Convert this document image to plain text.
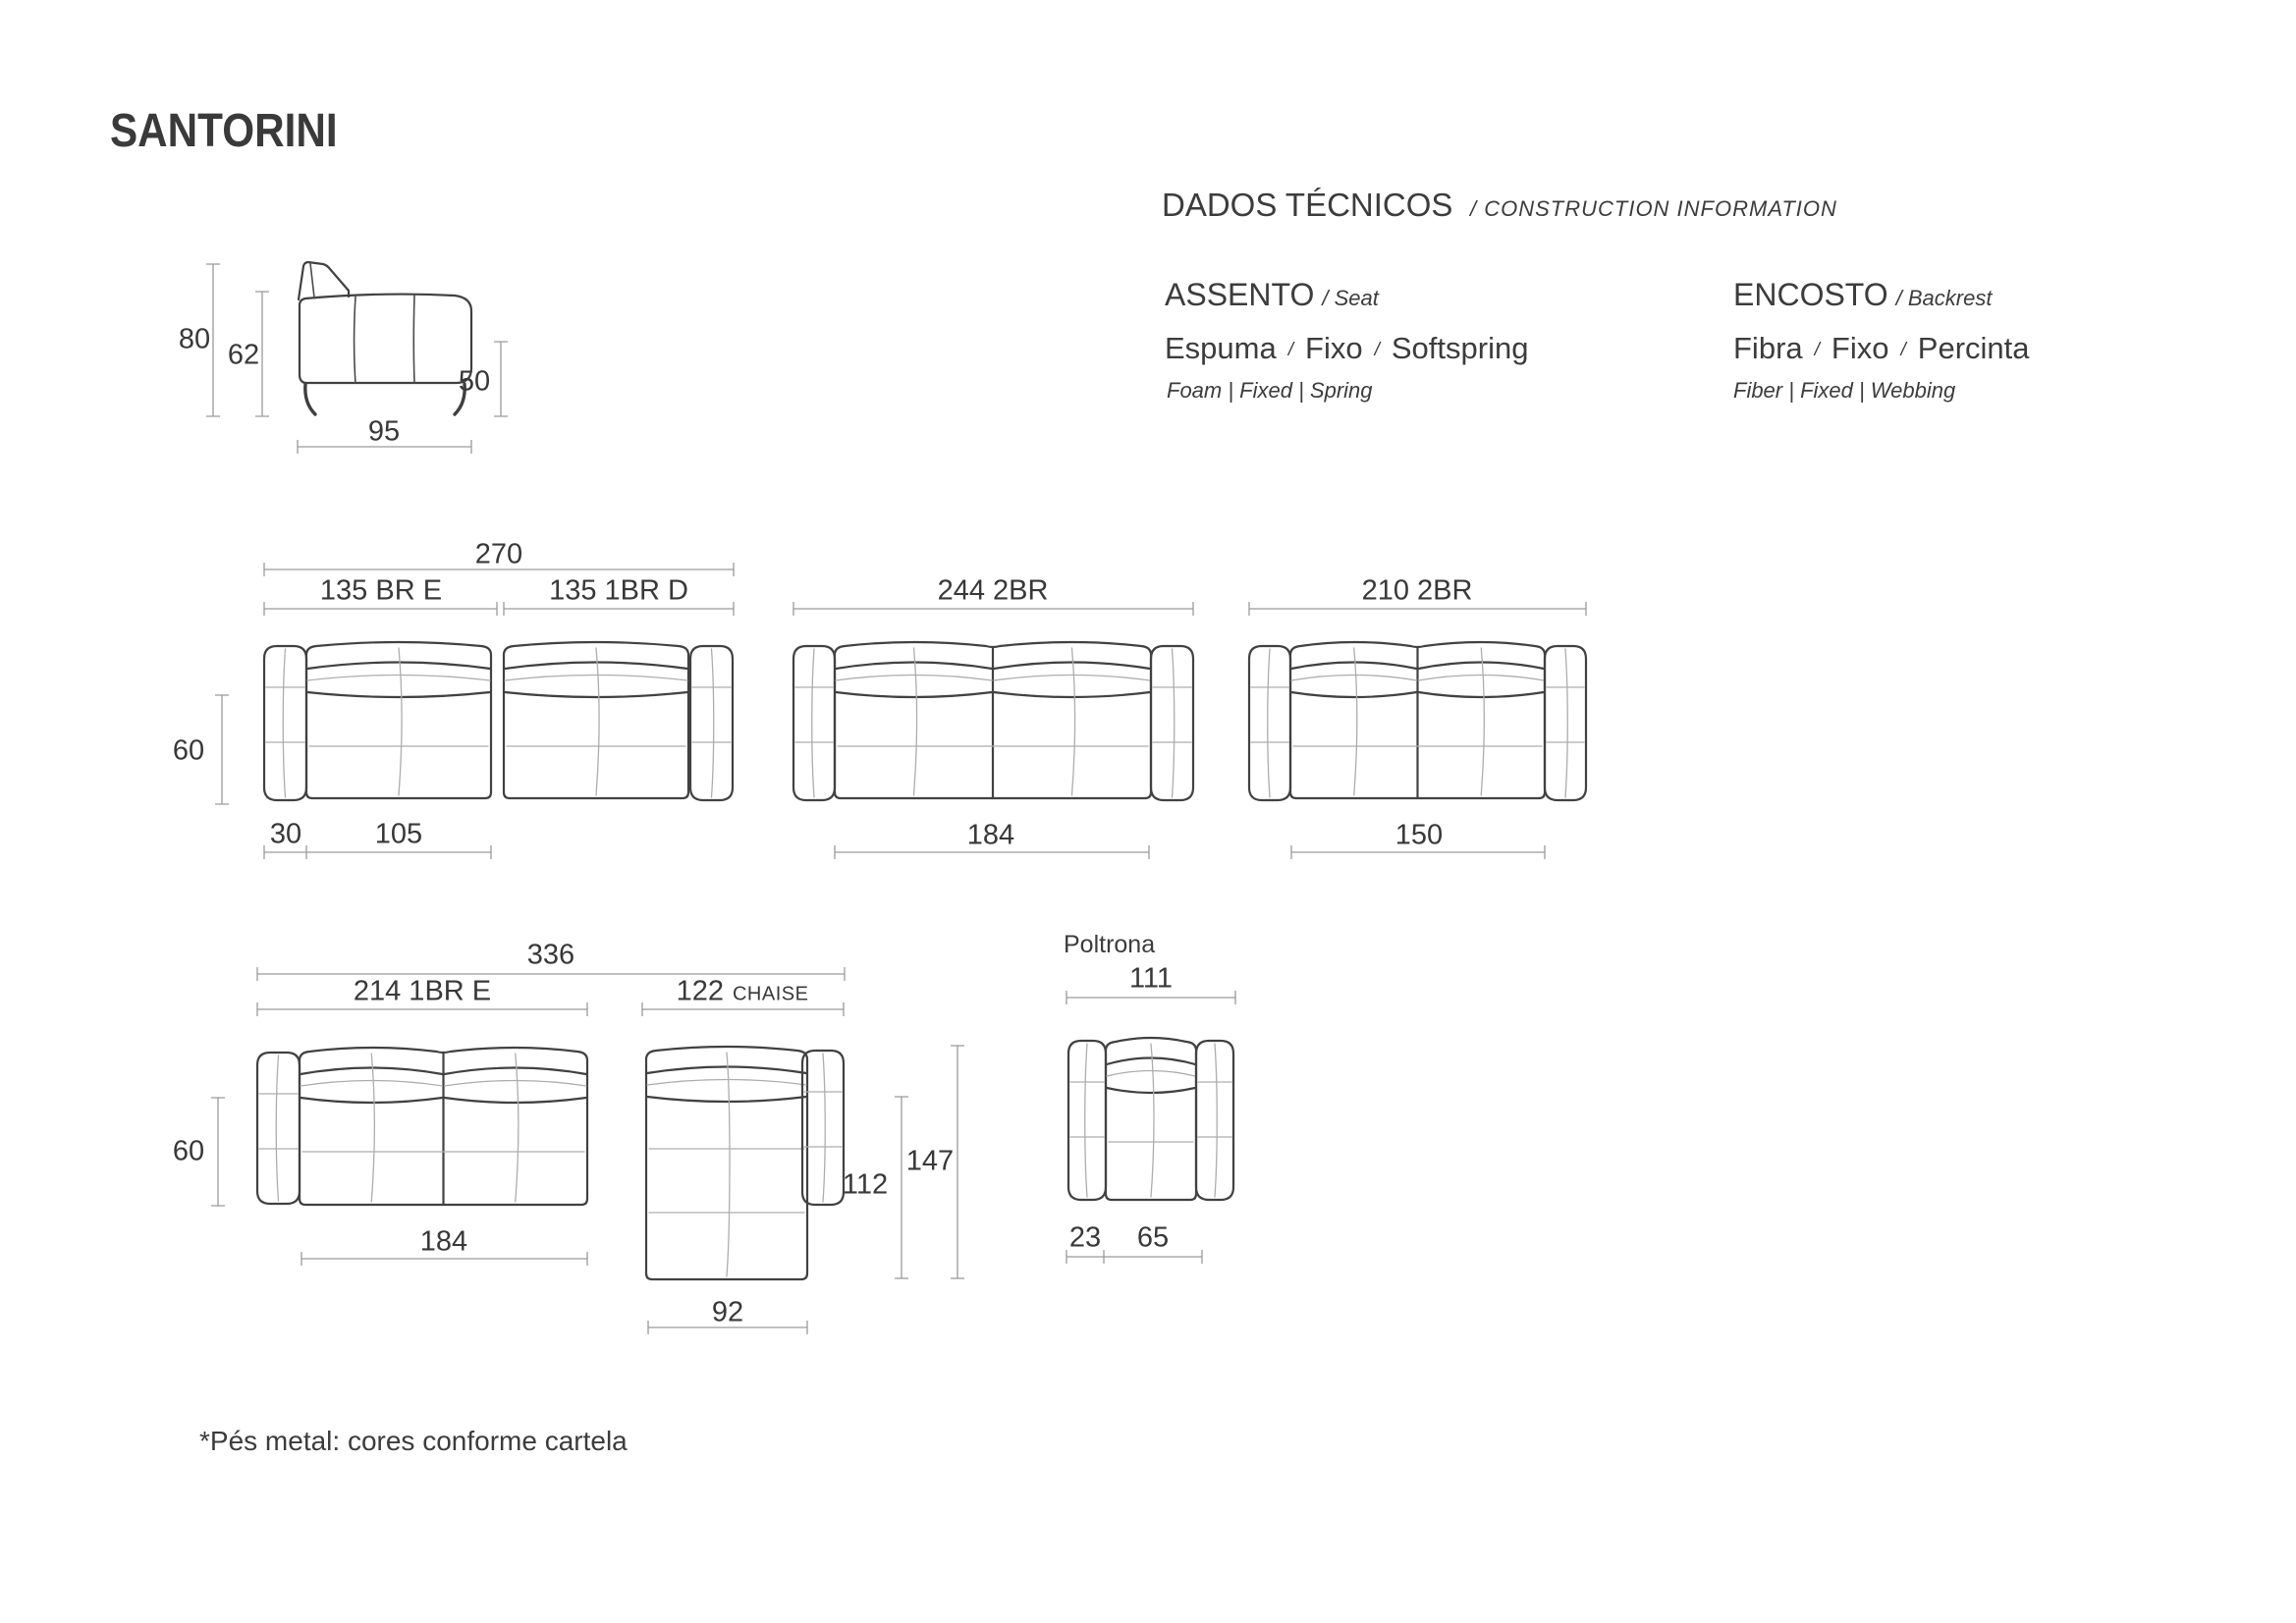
SANTORINI
DADOS TÉCNICOS / CONSTRUCTION INFORMATION
ASSENTO / Seat
Espuma / Fixo / Softspring
Foam | Fixed | Spring
ENCOSTO / Backrest
Fibra / Fixo / Percinta
Fiber | Fixed | Webbing
80 62
50
95
270
135 BR E	135 1BR D
60
30	105
244 2BR
184
210 2BR
150
336
214 1BR E	122 CHAISE
60
184
112
147
92
Poltrona
111
23 65
*Pés metal: cores conforme cartela
